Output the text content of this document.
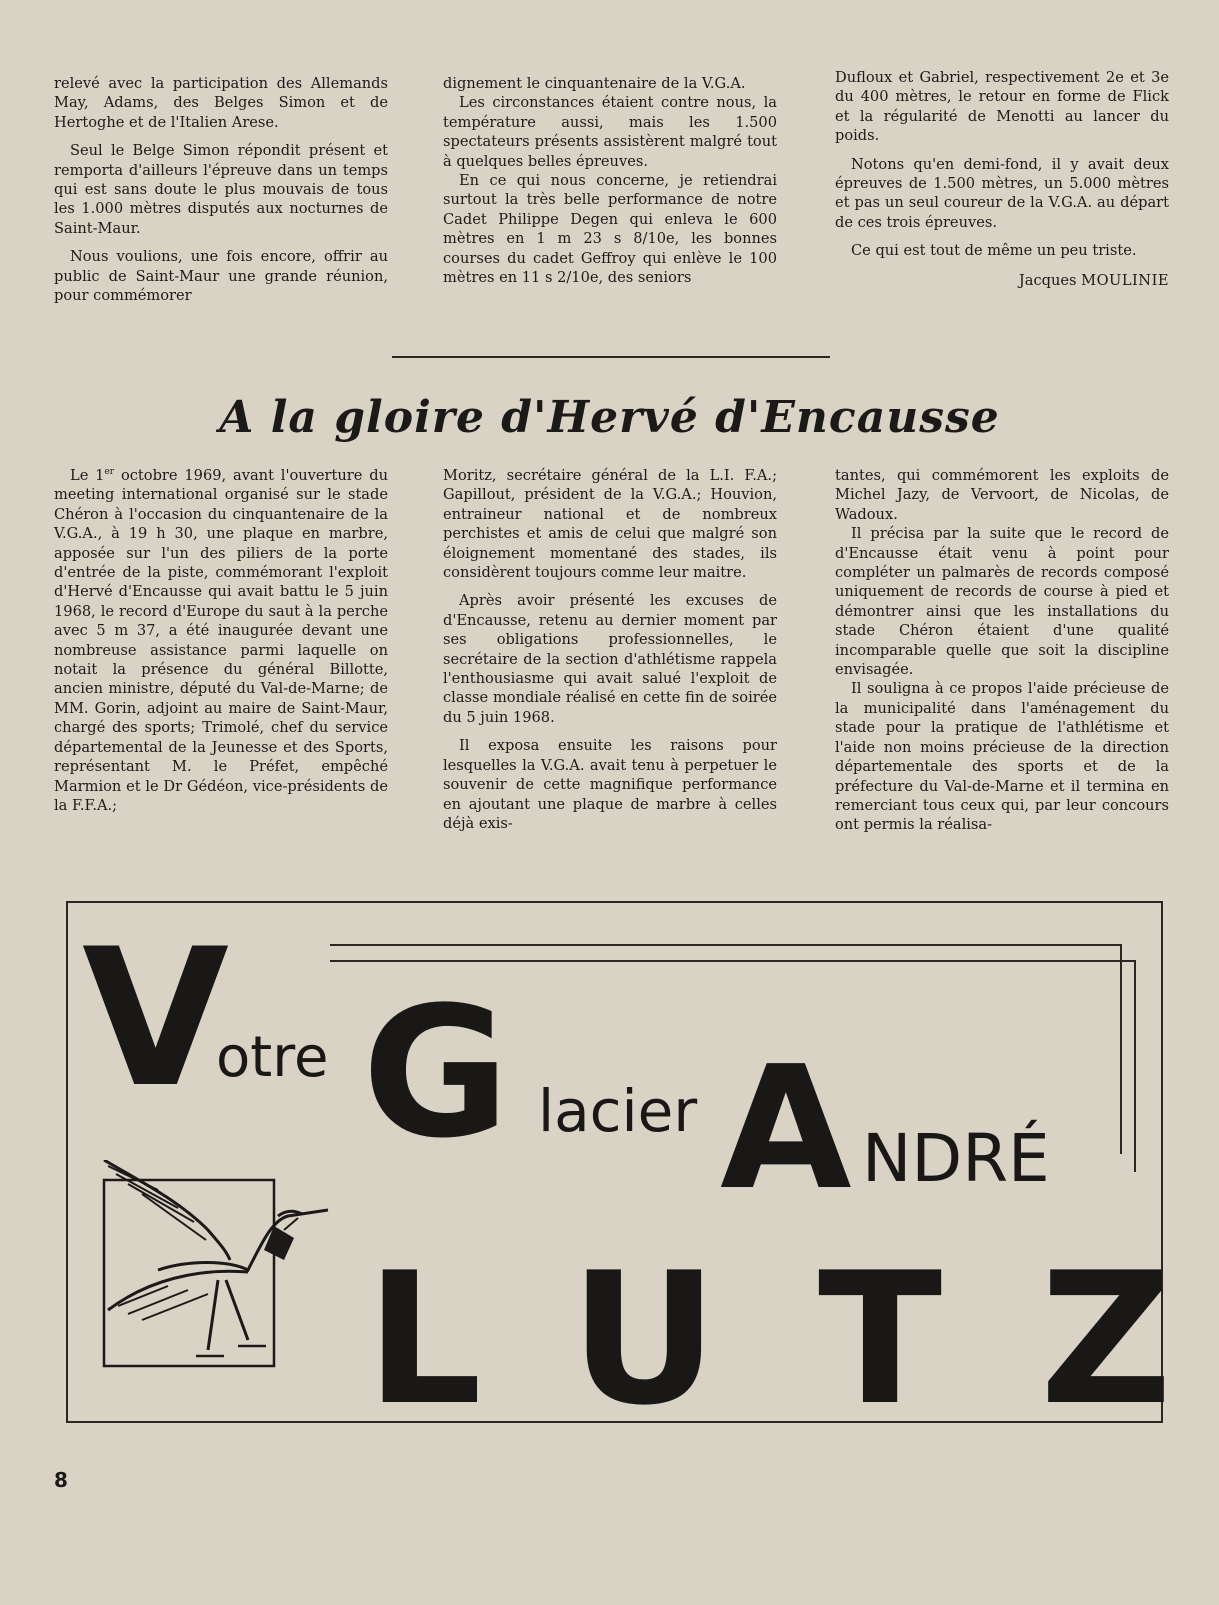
relevé avec la participation des Allemands May, Adams, des Belges Simon et de Hertoghe et de l'Italien Arese.

Seul le Belge Simon répondit présent et remporta d'ailleurs l'épreuve dans un temps qui est sans doute le plus mouvais de tous les 1.000 mètres disputés aux nocturnes de Saint-Maur.

Nous voulions, une fois encore, offrir au public de Saint-Maur une grande réunion, pour commémorer

dignement le cinquantenaire de la V.G.A.

Les circonstances étaient contre nous, la température aussi, mais les 1.500 spectateurs présents assistèrent malgré tout à quelques belles épreuves.

En ce qui nous concerne, je retiendrai surtout la très belle performance de notre Cadet Philippe Degen qui enleva le 600 mètres en 1 m 23 s 8/10e, les bonnes courses du cadet Geffroy qui enlève le 100 mètres en 11 s 2/10e, des seniors

Dufloux et Gabriel, respectivement 2e et 3e du 400 mètres, le retour en forme de Flick et la régularité de Menotti au lancer du poids.

Notons qu'en demi-fond, il y avait deux épreuves de 1.500 mètres, un 5.000 mètres et pas un seul coureur de la V.G.A. au départ de ces trois épreuves.

Ce qui est tout de même un peu triste.

Jacques MOULINIE

A la gloire d'Hervé d'Encausse

Le 1er octobre 1969, avant l'ouverture du meeting international organisé sur le stade Chéron à l'occasion du cinquantenaire de la V.G.A., à 19 h 30, une plaque en marbre, apposée sur l'un des piliers de la porte d'entrée de la piste, commémorant l'exploit d'Hervé d'Encausse qui avait battu le 5 juin 1968, le record d'Europe du saut à la perche avec 5 m 37, a été inaugurée devant une nombreuse assistance parmi laquelle on notait la présence du général Billotte, ancien ministre, député du Val-de-Marne; de MM. Gorin, adjoint au maire de Saint-Maur, chargé des sports; Trimolé, chef du service départemental de la Jeunesse et des Sports, représentant M. le Préfet, empêché Marmion et le Dr Gédéon, vice-présidents de la F.F.A.;

Moritz, secrétaire général de la L.I. F.A.; Gapillout, président de la V.G.A.; Houvion, entraineur national et de nombreux perchistes et amis de celui que malgré son éloignement momentané des stades, ils considèrent toujours comme leur maitre.

Après avoir présenté les excuses de d'Encausse, retenu au dernier moment par ses obligations professionnelles, le secrétaire de la section d'athlétisme rappela l'enthousiasme qui avait salué l'exploit de classe mondiale réalisé en cette fin de soirée du 5 juin 1968.

Il exposa ensuite les raisons pour lesquelles la V.G.A. avait tenu à perpetuer le souvenir de cette magnifique performance en ajoutant une plaque de marbre à celles déjà exis-

tantes, qui commémorent les exploits de Michel Jazy, de Vervoort, de Nicolas, de Wadoux.

Il précisa par la suite que le record de d'Encausse était venu à point pour compléter un palmarès de records composé uniquement de records de course à pied et démontrer ainsi que les installations du stade Chéron étaient d'une qualité incomparable quelle que soit la discipline envisagée.

Il souligna à ce propos l'aide précieuse de la municipalité dans l'aménagement du stade pour la pratique de l'athlétisme et l'aide non moins précieuse de la direction départementale des sports et de la préfecture du Val-de-Marne et il termina en remerciant tous ceux qui, par leur concours ont permis la réalisa-

V
otre G lacier A NDRÉ
L U T Z
8
